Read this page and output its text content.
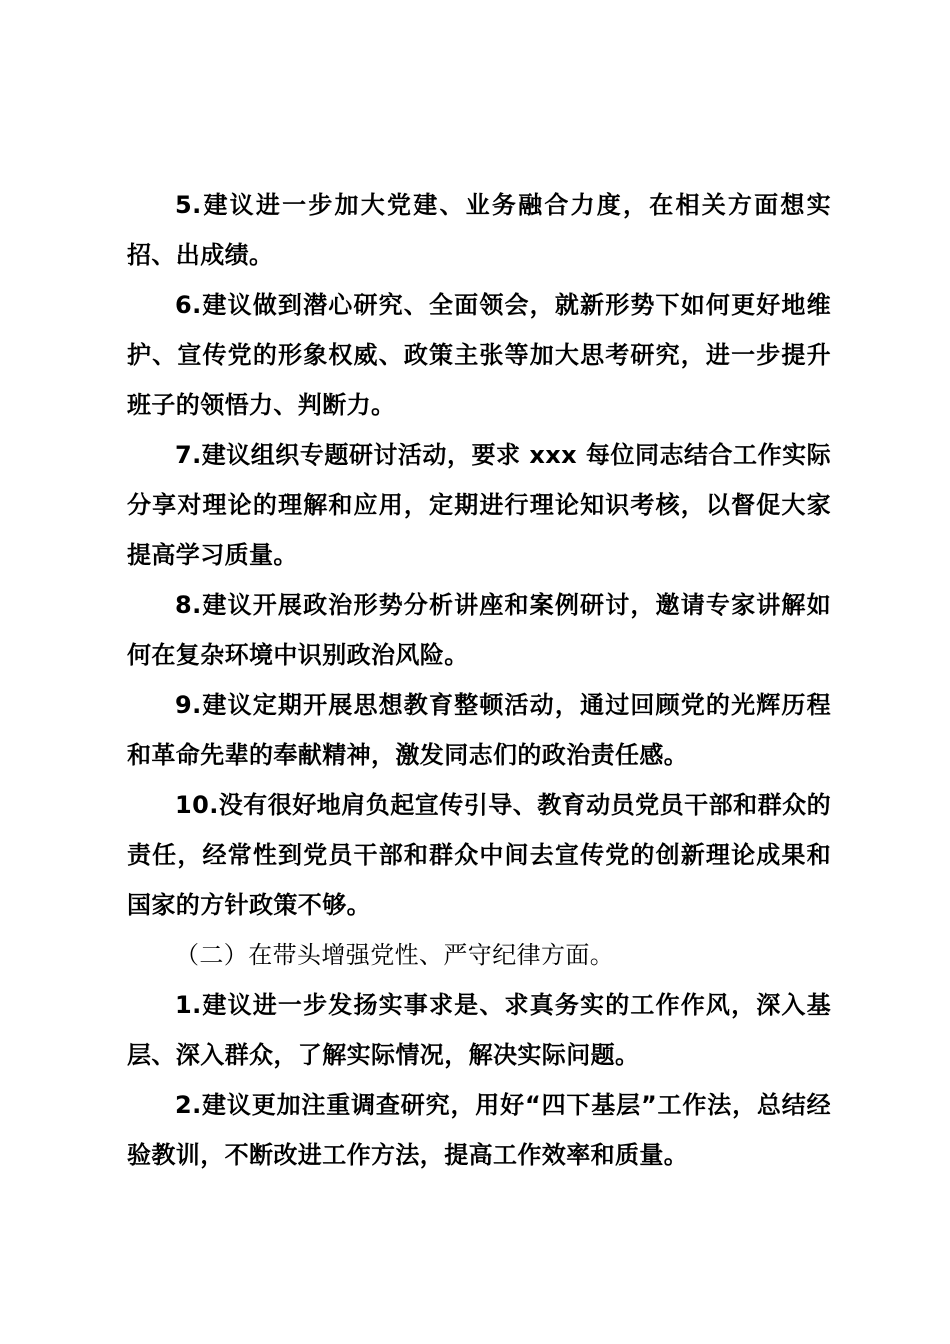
5.建议进一步加大党建、业务融合力度，在相关方面想实招、出成绩。

6.建议做到潜心研究、全面领会，就新形势下如何更好地维护、宣传党的形象权威、政策主张等加大思考研究，进一步提升班子的领悟力、判断力。

7.建议组织专题研讨活动，要求 xxx 每位同志结合工作实际分享对理论的理解和应用，定期进行理论知识考核，以督促大家提高学习质量。

8.建议开展政治形势分析讲座和案例研讨，邀请专家讲解如何在复杂环境中识别政治风险。

9.建议定期开展思想教育整顿活动，通过回顾党的光辉历程和革命先辈的奉献精神，激发同志们的政治责任感。

10.没有很好地肩负起宣传引导、教育动员党员干部和群众的责任，经常性到党员干部和群众中间去宣传党的创新理论成果和国家的方针政策不够。

（二）在带头增强党性、严守纪律方面。

1.建议进一步发扬实事求是、求真务实的工作作风，深入基层、深入群众，了解实际情况，解决实际问题。

2.建议更加注重调查研究，用好“四下基层”工作法，总结经验教训，不断改进工作方法，提高工作效率和质量。
